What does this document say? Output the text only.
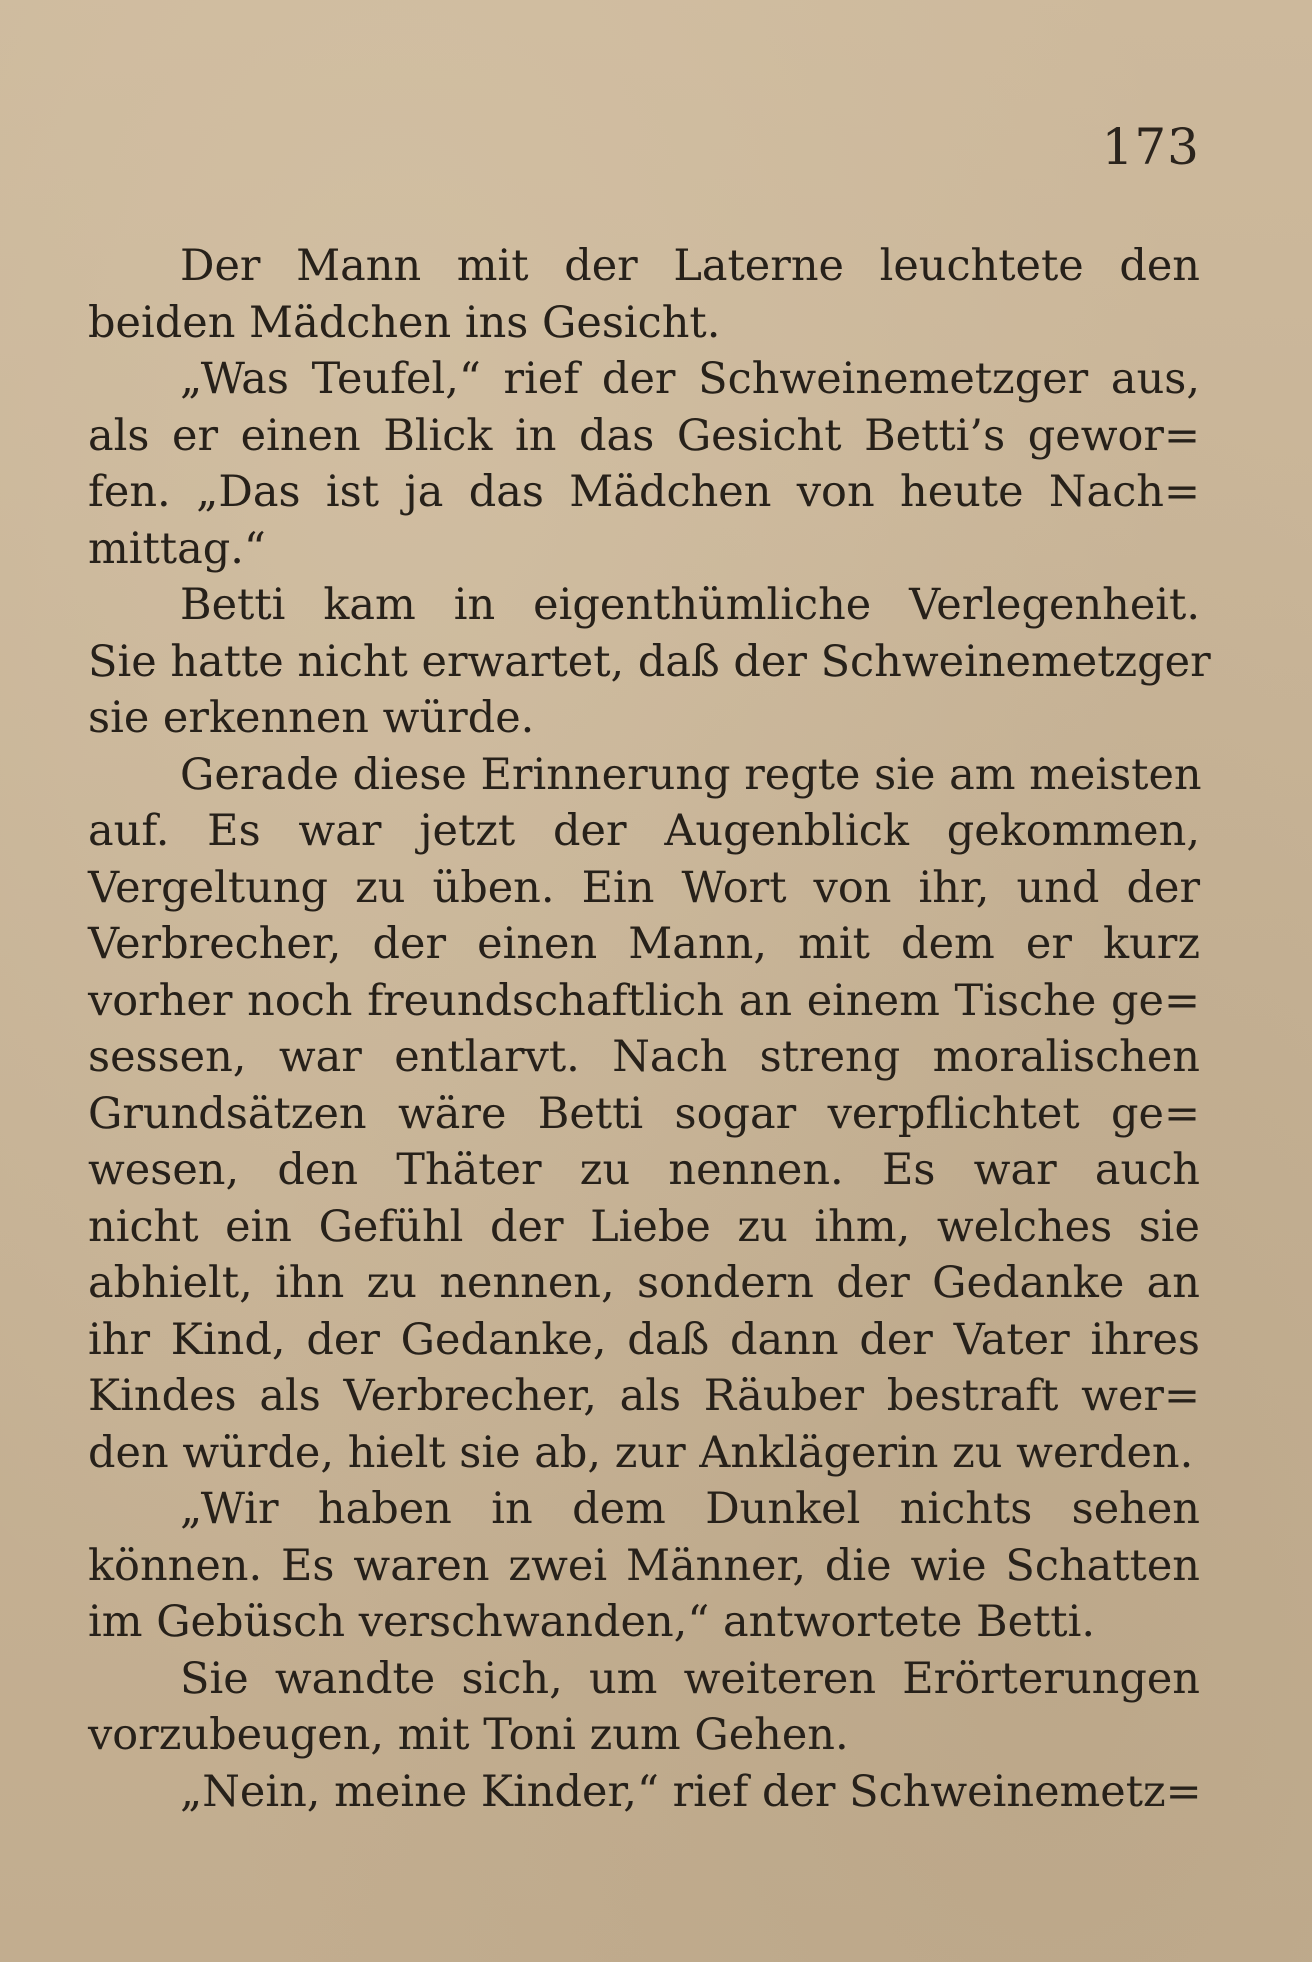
173
Der Mann mit der Laterne leuchtete den
beiden Mädchen ins Gesicht.
„Was Teufel,“ rief der Schweinemetzger aus,
als er einen Blick in das Gesicht Betti’s gewor=
fen. „Das ist ja das Mädchen von heute Nach=
mittag.“
Betti kam in eigenthümliche Verlegenheit.
Sie hatte nicht erwartet, daß der Schweinemetzger
sie erkennen würde.
Gerade diese Erinnerung regte sie am meisten
auf. Es war jetzt der Augenblick gekommen,
Vergeltung zu üben. Ein Wort von ihr, und der
Verbrecher, der einen Mann, mit dem er kurz
vorher noch freundschaftlich an einem Tische ge=
sessen, war entlarvt. Nach streng moralischen
Grundsätzen wäre Betti sogar verpflichtet ge=
wesen, den Thäter zu nennen. Es war auch
nicht ein Gefühl der Liebe zu ihm, welches sie
abhielt, ihn zu nennen, sondern der Gedanke an
ihr Kind, der Gedanke, daß dann der Vater ihres
Kindes als Verbrecher, als Räuber bestraft wer=
den würde, hielt sie ab, zur Anklägerin zu werden.
„Wir haben in dem Dunkel nichts sehen
können. Es waren zwei Männer, die wie Schatten
im Gebüsch verschwanden,“ antwortete Betti.
Sie wandte sich, um weiteren Erörterungen
vorzubeugen, mit Toni zum Gehen.
„Nein, meine Kinder,“ rief der Schweinemetz=
